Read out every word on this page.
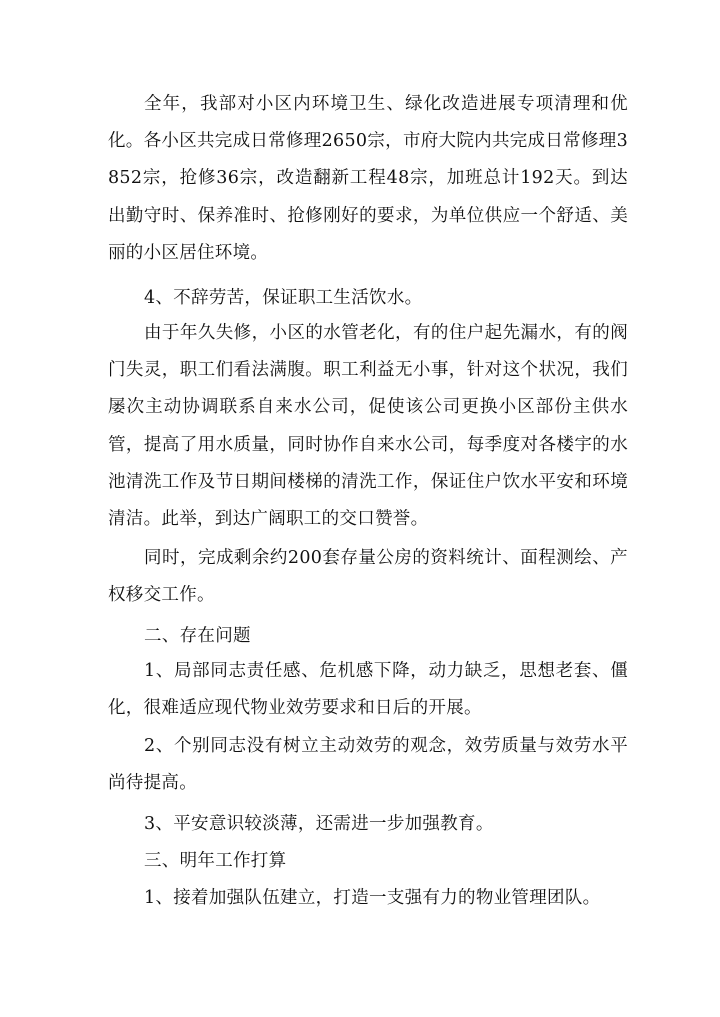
全年，我部对小区内环境卫生、绿化改造进展专项清理和优化。各小区共完成日常修理2650宗，市府大院内共完成日常修理3852宗，抢修36宗，改造翻新工程48宗，加班总计192天。到达出勤守时、保养准时、抢修刚好的要求，为单位供应一个舒适、美丽的小区居住环境。

4、不辞劳苦，保证职工生活饮水。

由于年久失修，小区的水管老化，有的住户起先漏水，有的阀门失灵，职工们看法满腹。职工利益无小事，针对这个状况，我们屡次主动协调联系自来水公司，促使该公司更换小区部份主供水管，提高了用水质量，同时协作自来水公司，每季度对各楼宇的水池清洗工作及节日期间楼梯的清洗工作，保证住户饮水平安和环境清洁。此举，到达广阔职工的交口赞誉。

同时，完成剩余约200套存量公房的资料统计、面程测绘、产权移交工作。

二、存在问题

1、局部同志责任感、危机感下降，动力缺乏，思想老套、僵化，很难适应现代物业效劳要求和日后的开展。

2、个别同志没有树立主动效劳的观念，效劳质量与效劳水平尚待提高。

3、平安意识较淡薄，还需进一步加强教育。

三、明年工作打算

1、接着加强队伍建立，打造一支强有力的物业管理团队。
